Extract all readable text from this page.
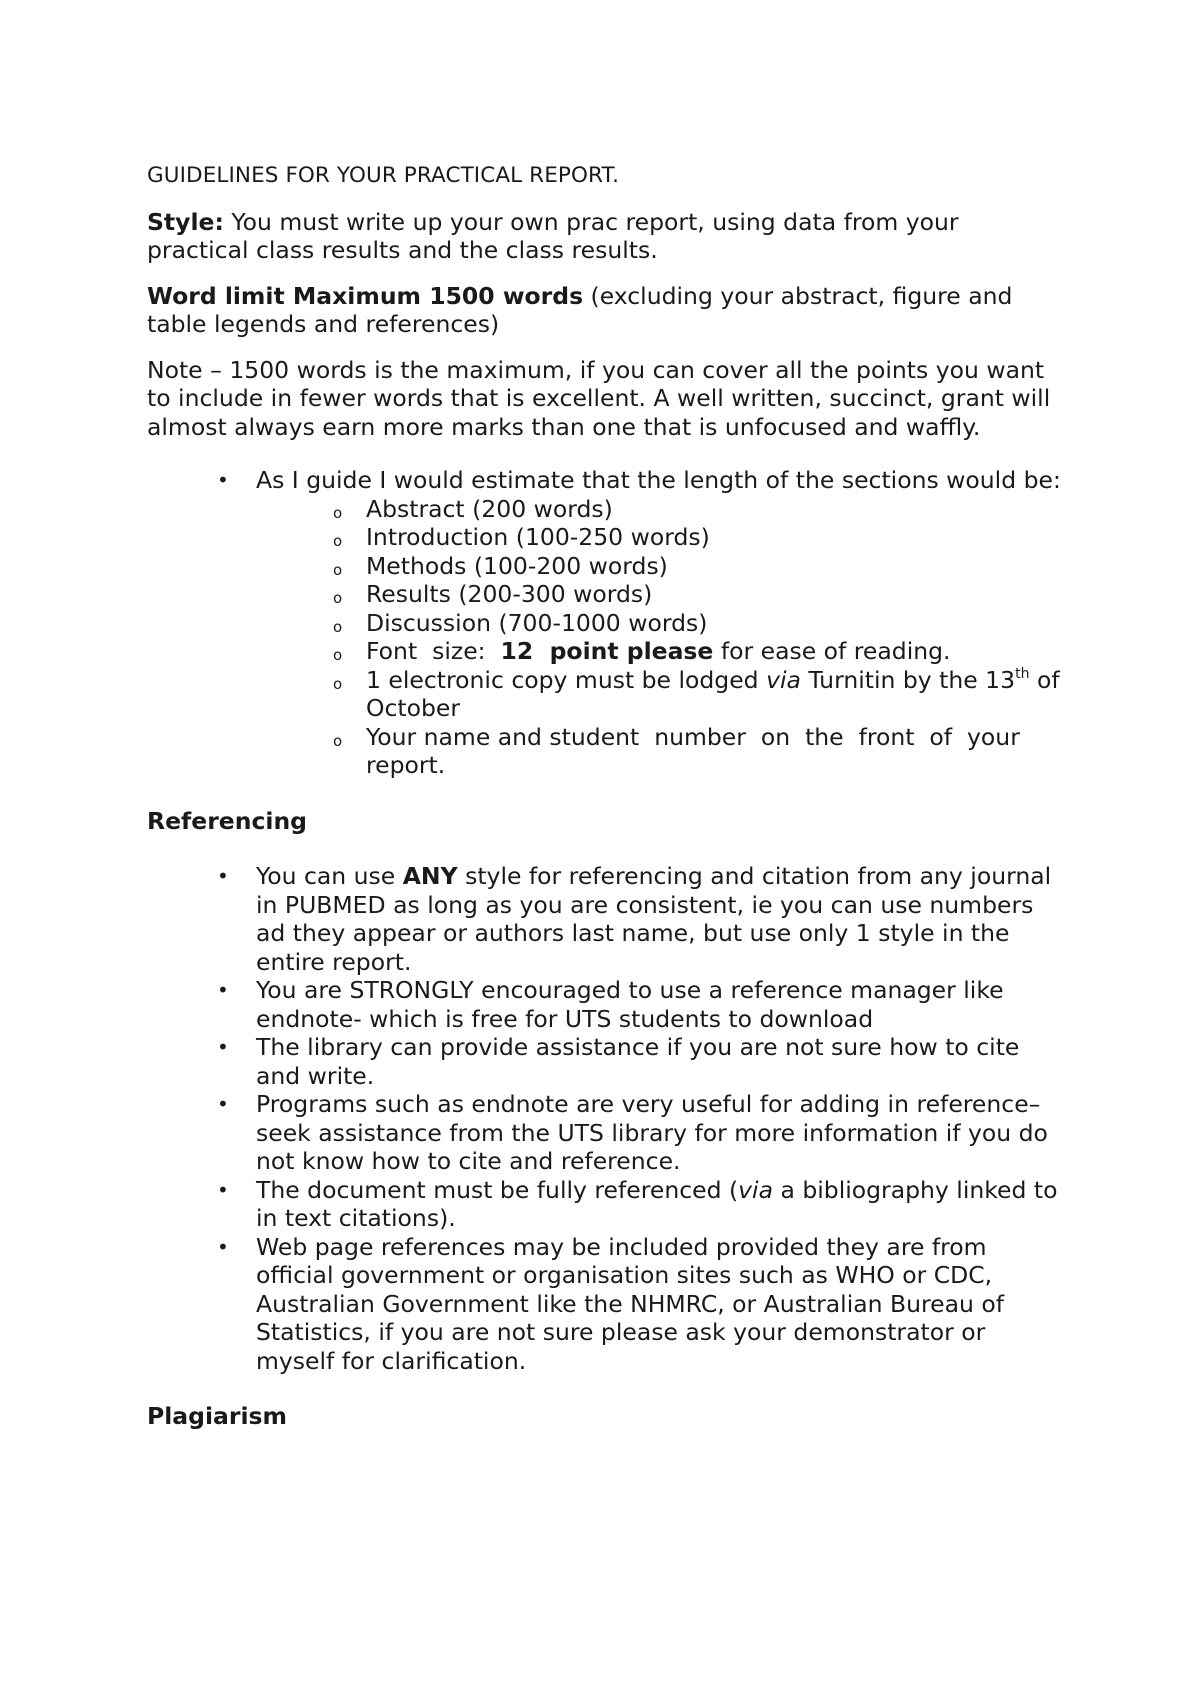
GUIDELINES FOR YOUR PRACTICAL REPORT.

Style: You must write up your own prac report, using data from your practical class results and the class results.

Word limit Maximum 1500 words (excluding your abstract, figure and table legends and references)

Note – 1500 words is the maximum, if you can cover all the points you want to include in fewer words that is excellent. A well written, succinct, grant will almost always earn more marks than one that is unfocused and waffly.

• As I guide I would estimate that the length of the sections would be:
o Abstract (200 words)
o Introduction (100-250 words)
o Methods (100-200 words)
o Results (200-300 words)
o Discussion (700-1000 words)
o Font  size:  12  point please for ease of reading.
o 1 electronic copy must be lodged via Turnitin by the 13th of October
o Your name and student  number  on  the  front  of  your report.
Referencing
• You can use ANY style for referencing and citation from any journal in PUBMED as long as you are consistent, ie you can use numbers ad they appear or authors last name, but use only 1 style in the entire report.
• You are STRONGLY encouraged to use a reference manager like endnote- which is free for UTS students to download
• The library can provide assistance if you are not sure how to cite and write.
• Programs such as endnote are very useful for adding in reference– seek assistance from the UTS library for more information if you do not know how to cite and reference.
• The document must be fully referenced (via a bibliography linked to in text citations).
• Web page references may be included provided they are from official government or organisation sites such as WHO or CDC, Australian Government like the NHMRC, or Australian Bureau of Statistics, if you are not sure please ask your demonstrator or myself for clarification.
Plagiarism
